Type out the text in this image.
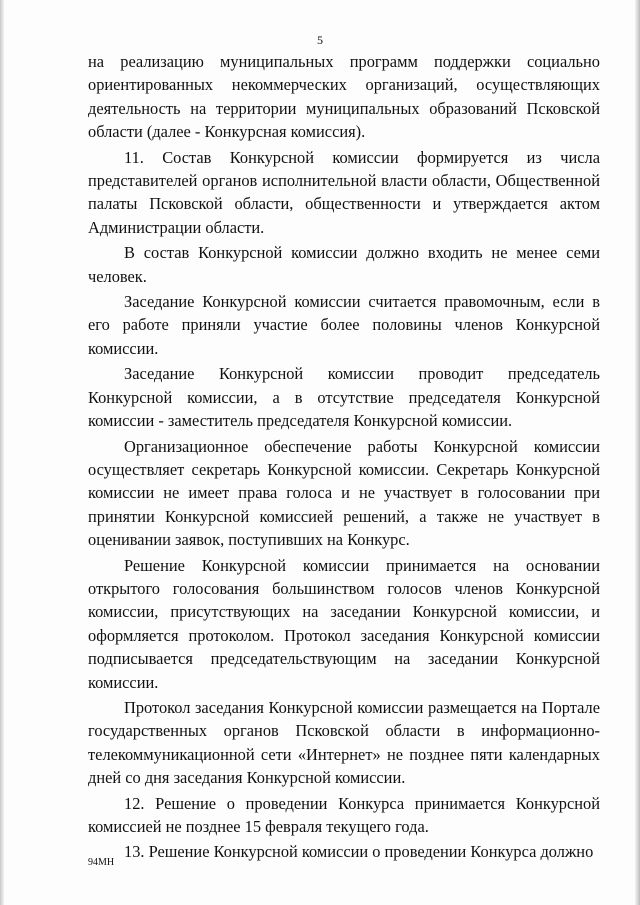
5

на реализацию муниципальных программ поддержки социально ориентированных некоммерческих организаций, осуществляющих деятельность на территории муниципальных образований Псковской области (далее - Конкурсная комиссия).

11. Состав Конкурсной комиссии формируется из числа представителей органов исполнительной власти области, Общественной палаты Псковской области, общественности и утверждается актом Администрации области.

В состав Конкурсной комиссии должно входить не менее семи человек.

Заседание Конкурсной комиссии считается правомочным, если в его работе приняли участие более половины членов Конкурсной комиссии.

Заседание Конкурсной комиссии проводит председатель Конкурсной комиссии, а в отсутствие председателя Конкурсной комиссии - заместитель председателя Конкурсной комиссии.

Организационное обеспечение работы Конкурсной комиссии осуществляет секретарь Конкурсной комиссии. Секретарь Конкурсной комиссии не имеет права голоса и не участвует в голосовании при принятии Конкурсной комиссией решений, а также не участвует в оценивании заявок, поступивших на Конкурс.

Решение Конкурсной комиссии принимается на основании открытого голосования большинством голосов членов Конкурсной комиссии, присутствующих на заседании Конкурсной комиссии, и оформляется протоколом. Протокол заседания Конкурсной комиссии подписывается председательствующим на заседании Конкурсной комиссии.

Протокол заседания Конкурсной комиссии размещается на Портале государственных органов Псковской области в информационно-телекоммуникационной сети «Интернет» не позднее пяти календарных дней со дня заседания Конкурсной комиссии.

12. Решение о проведении Конкурса принимается Конкурсной комиссией не позднее 15 февраля текущего года.

13. Решение Конкурсной комиссии о проведении Конкурса должно

94МН
